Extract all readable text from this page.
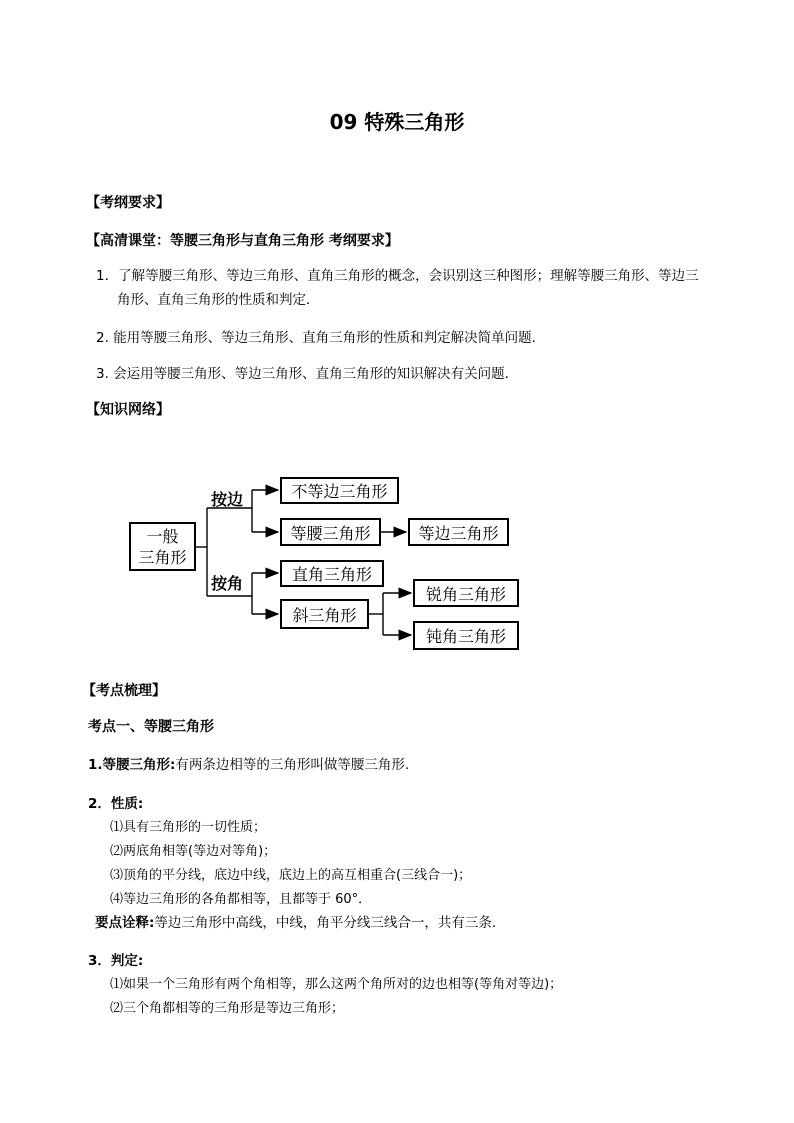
09 特殊三角形
【考纲要求】
【高清课堂：等腰三角形与直角三角形 考纲要求】
1．了解等腰三角形、等边三角形、直角三角形的概念，会识别这三种图形；理解等腰三角形、等边三
角形、直角三角形的性质和判定．
2. 能用等腰三角形、等边三角形、直角三角形的性质和判定解决简单问题．
3. 会运用等腰三角形、等边三角形、直角三角形的知识解决有关问题．
【知识网络】
一般
三角形
按边
按角
不等边三角形
等腰三角形	等边三角形
直角三角形
斜三角形
锐角三角形
钝角三角形
【考点梳理】
考点一、等腰三角形
1.等腰三角形:有两条边相等的三角形叫做等腰三角形.
2．性质:
⑴具有三角形的一切性质；
⑵两底角相等(等边对等角)；
⑶顶角的平分线，底边中线，底边上的高互相重合(三线合一)；
⑷等边三角形的各角都相等，且都等于 60°．
要点诠释:等边三角形中高线，中线，角平分线三线合一，共有三条.
3．判定:
⑴如果一个三角形有两个角相等，那么这两个角所对的边也相等(等角对等边)；
⑵三个角都相等的三角形是等边三角形；
